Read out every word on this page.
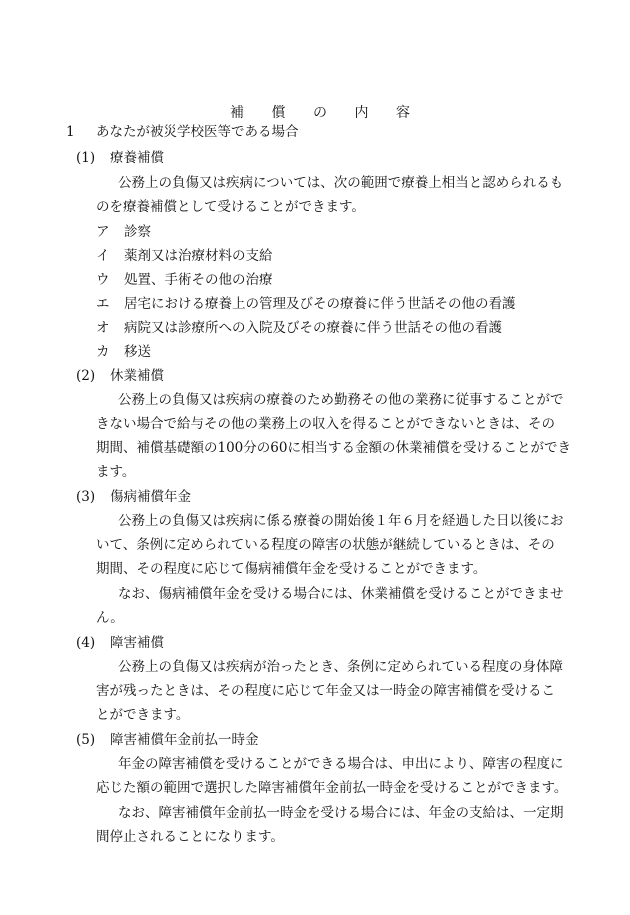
補 償 の 内 容
1 あなたが被災学校医等である場合
(1) 療養補償
公務上の負傷又は疾病については、次の範囲で療養上相当と認められるも
のを療養補償として受けることができます。
ア 診察
イ 薬剤又は治療材料の支給
ウ 処置、手術その他の治療
エ 居宅における療養上の管理及びその療養に伴う世話その他の看護
オ 病院又は診療所への入院及びその療養に伴う世話その他の看護
カ 移送
(2) 休業補償
公務上の負傷又は疾病の療養のため勤務その他の業務に従事することがで
きない場合で給与その他の業務上の収入を得ることができないときは、その
期間、補償基礎額の100分の60に相当する金額の休業補償を受けることができ
ます。
(3) 傷病補償年金
公務上の負傷又は疾病に係る療養の開始後１年６月を経過した日以後にお
いて、条例に定められている程度の障害の状態が継続しているときは、その
期間、その程度に応じて傷病補償年金を受けることができます。
なお、傷病補償年金を受ける場合には、休業補償を受けることができませ
ん。
(4) 障害補償
公務上の負傷又は疾病が治ったとき、条例に定められている程度の身体障
害が残ったときは、その程度に応じて年金又は一時金の障害補償を受けるこ
とができます。
(5) 障害補償年金前払一時金
年金の障害補償を受けることができる場合は、申出により、障害の程度に
応じた額の範囲で選択した障害補償年金前払一時金を受けることができます。
なお、障害補償年金前払一時金を受ける場合には、年金の支給は、一定期
間停止されることになります。
